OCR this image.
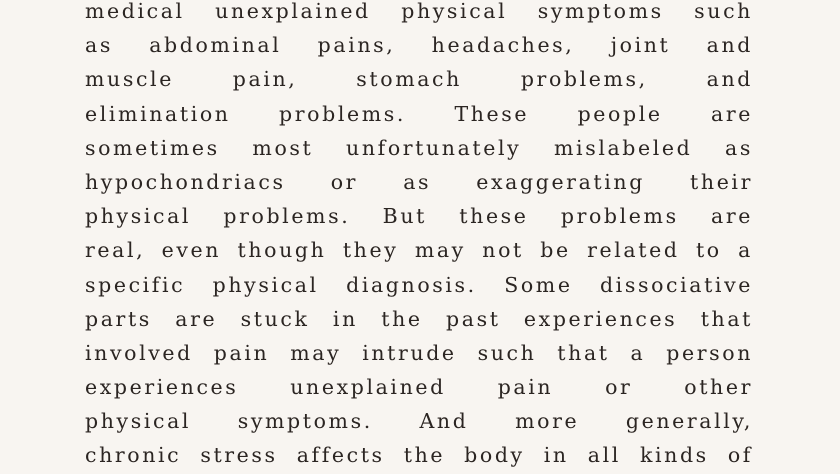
medical unexplained physical symptoms such
as abdominal pains, headaches, joint and
muscle pain, stomach problems, and
elimination problems. These people are
sometimes most unfortunately mislabeled as
hypochondriacs or as exaggerating their
physical problems. But these problems are
real, even though they may not be related to a
specific physical diagnosis. Some dissociative
parts are stuck in the past experiences that
involved pain may intrude such that a person
experiences unexplained pain or other
physical symptoms. And more generally,
chronic stress affects the body in all kinds of
